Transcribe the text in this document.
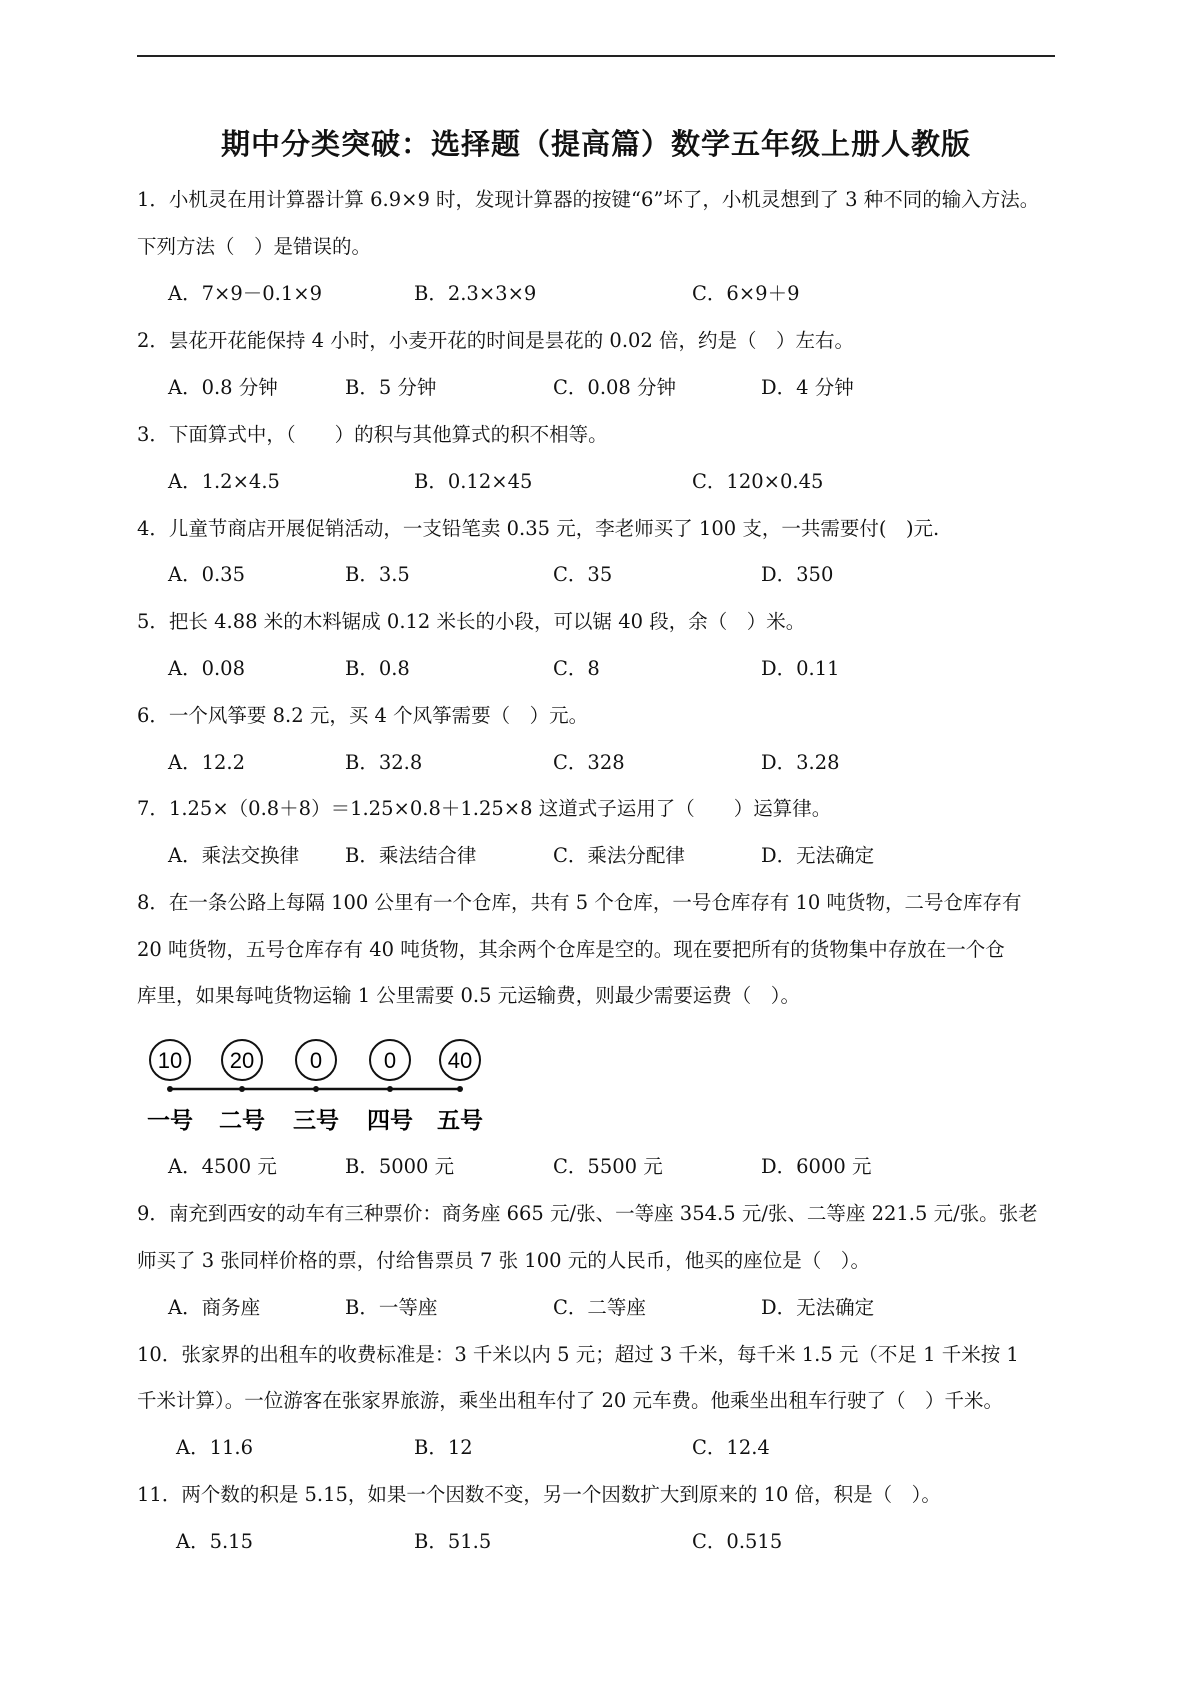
期中分类突破：选择题（提高篇）数学五年级上册人教版
1．小机灵在用计算器计算 6.9×9 时，发现计算器的按键“6”坏了，小机灵想到了 3 种不同的输入方法。
下列方法（　）是错误的。
A．7×9－0.1×9	B．2.3×3×9	C．6×9＋9
2．昙花开花能保持 4 小时，小麦开花的时间是昙花的 0.02 倍，约是（　）左右。
A．0.8 分钟	B．5 分钟	C．0.08 分钟	D．4 分钟
3．下面算式中，（　　）的积与其他算式的积不相等。
A．1.2×4.5	B．0.12×45	C．120×0.45
4．儿童节商店开展促销活动，一支铅笔卖 0.35 元，李老师买了 100 支，一共需要付(　)元.
A．0.35	B．3.5	C．35	D．350
5．把长 4.88 米的木料锯成 0.12 米长的小段，可以锯 40 段，余（　）米。
A．0.08	B．0.8	C．8	D．0.11
6．一个风筝要 8.2 元，买 4 个风筝需要（　）元。
A．12.2	B．32.8	C．328	D．3.28
7．1.25×（0.8＋8）＝1.25×0.8＋1.25×8 这道式子运用了（　　）运算律。
A．乘法交换律 B．乘法结合律	C．乘法分配律	D．无法确定
8．在一条公路上每隔 100 公里有一个仓库，共有 5 个仓库，一号仓库存有 10 吨货物，二号仓库存有
20 吨货物，五号仓库存有 40 吨货物，其余两个仓库是空的。现在要把所有的货物集中存放在一个仓
库里，如果每吨货物运输 1 公里需要 0.5 元运输费，则最少需要运费（　）。
10
一号
20
二号
0
三号
0
四号
40
五号
A．4500 元	B．5000 元	C．5500 元	D．6000 元
9．南充到西安的动车有三种票价：商务座 665 元/张、一等座 354.5 元/张、二等座 221.5 元/张。张老
师买了 3 张同样价格的票，付给售票员 7 张 100 元的人民币，他买的座位是（　）。
A．商务座	B．一等座	C．二等座	D．无法确定
10．张家界的出租车的收费标准是：3 千米以内 5 元；超过 3 千米，每千米 1.5 元（不足 1 千米按 1
千米计算）。一位游客在张家界旅游，乘坐出租车付了 20 元车费。他乘坐出租车行驶了（　）千米。
A．11.6	B．12	C．12.4
11．两个数的积是 5.15，如果一个因数不变，另一个因数扩大到原来的 10 倍，积是（　）。
A．5.15	B．51.5	C．0.515
